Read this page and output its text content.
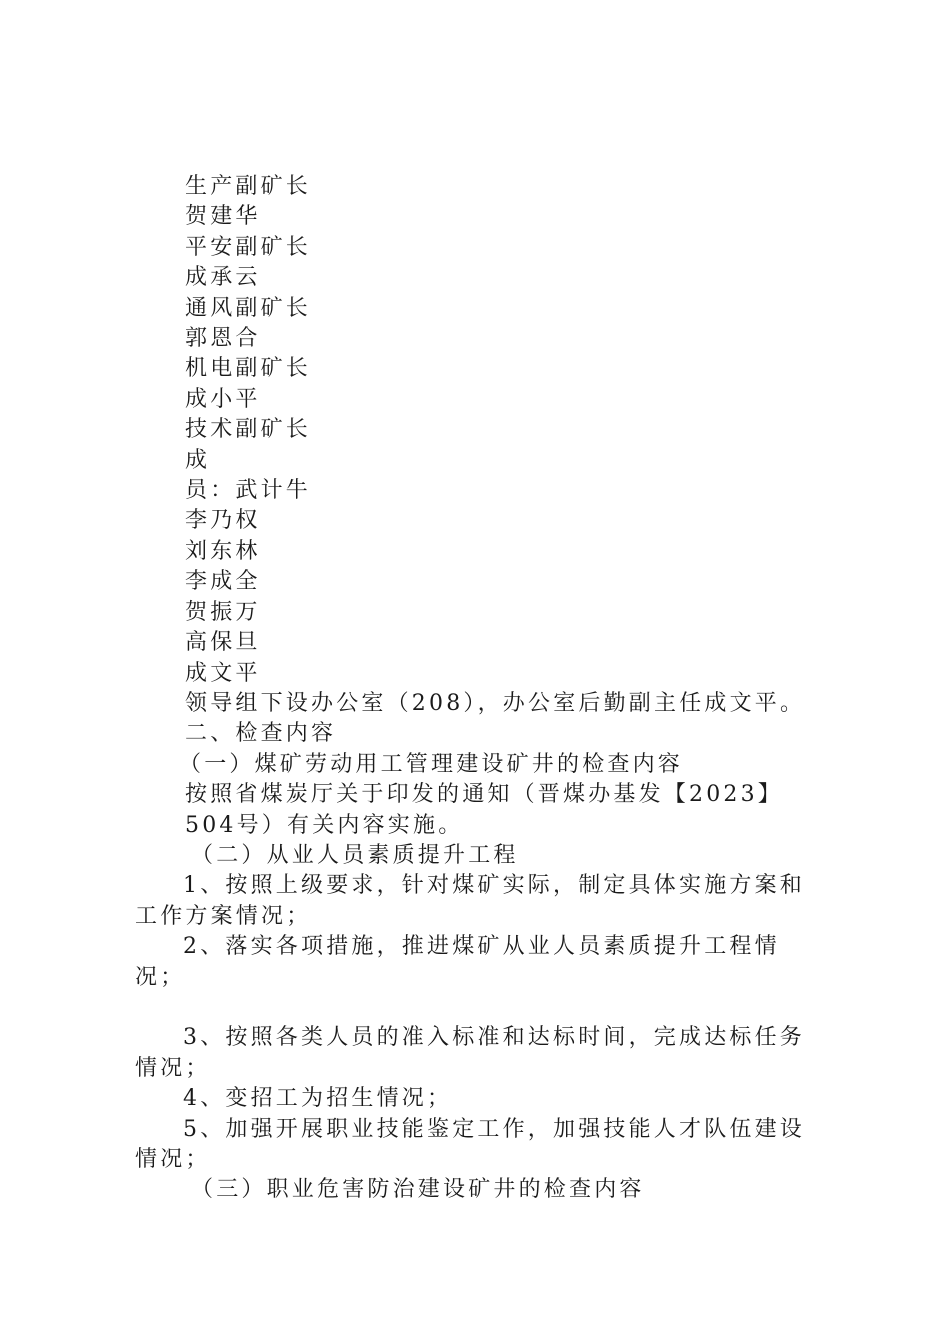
生产副矿长

贺建华

平安副矿长

成承云

通风副矿长

郭恩合

机电副矿长

成小平

技术副矿长

成

员：武计牛

李乃权

刘东林

李成全

贺振万

高保旦

成文平

领导组下设办公室（208），办公室后勤副主任成文平。

二、检查内容

（一）煤矿劳动用工管理建设矿井的检查内容

按照省煤炭厅关于印发的通知（晋煤办基发【2023】

504号）有关内容实施。

（二）从业人员素质提升工程

1、按照上级要求，针对煤矿实际，制定具体实施方案和工作方案情况；

2、落实各项措施，推进煤矿从业人员素质提升工程情况；

3、按照各类人员的准入标准和达标时间，完成达标任务情况；

4、变招工为招生情况；

5、加强开展职业技能鉴定工作，加强技能人才队伍建设情况；

（三）职业危害防治建设矿井的检查内容
